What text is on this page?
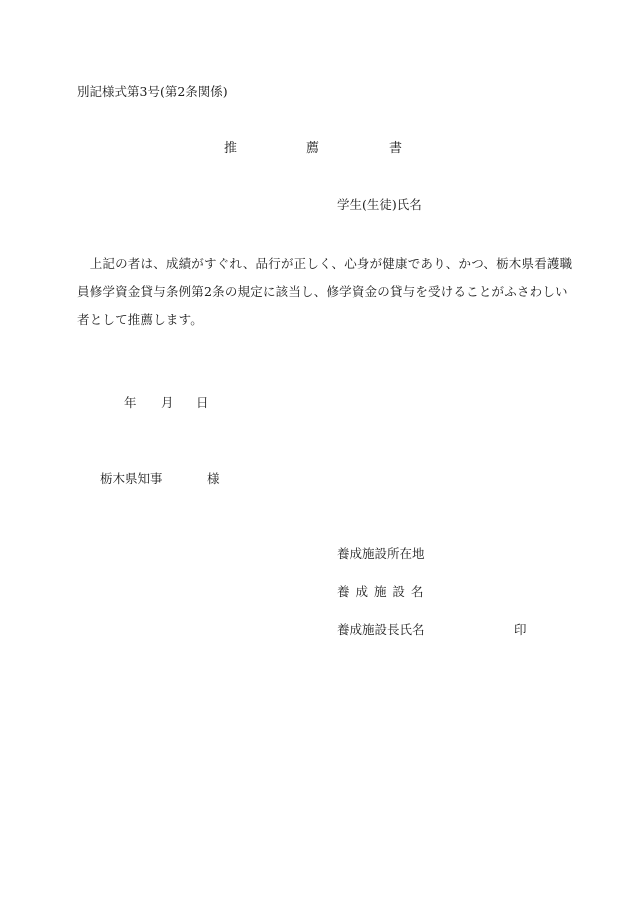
別記様式第3号(第2条関係)
推	薦	書
学生(生徒)氏名
　上記の者は、成績がすぐれ、品行が正しく、心身が健康であり、かつ、栃木県看護職
員修学資金貸与条例第2条の規定に該当し、修学資金の貸与を受けることがふさわしい
者として推薦します。
年 月 日
栃木県知事	様
養成施設所在地
養 成 施 設 名
養成施設長氏名	印
